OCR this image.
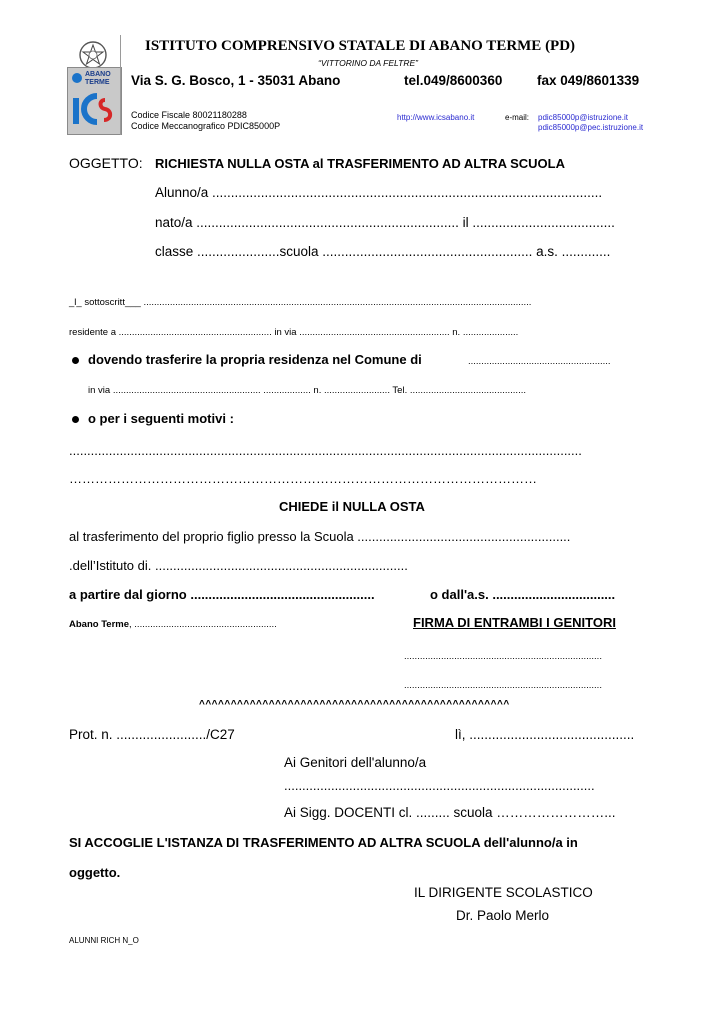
ABANO
TERME
ISTITUTO COMPRENSIVO STATALE DI ABANO TERME (PD)
“VITTORINO DA FELTRE”
Via S. G. Bosco, 1 - 35031 Abano	tel.049/8600360	fax 049/8601339
Codice Fiscale 80021180288
Codice Meccanografico PDIC85000P
http://www.icsabano.it	e-mail: pdic85000p@istruzione.it
pdic85000p@pec.istruzione.it
OGGETTO: RICHIESTA NULLA OSTA al TRASFERIMENTO AD ALTRA SCUOLA
Alunno/a ........................................................................................................
nato/a ...................................................................... il ......................................
classe ......................scuola ........................................................ a.s. .............
_l_ sottoscritt___ ...................................................................................................................................................
residente a .......................................................... in via ......................................................... n. .....................
dovendo trasferire la propria residenza nel Comune di	......................................................
in via ........................................................ .................. n. ......................... Tel. ............................................
o per i seguenti motivi :
..............................................................................................................................................
………………………………………………………………………………………………
CHIEDE il NULLA OSTA
al trasferimento del proprio figlio presso la Scuola ...........................................................
.dell’Istituto di. ......................................................................
a partire dal giorno ...................................................	o dall'a.s. ..................................
Abano Terme, ......................................................	FIRMA DI ENTRAMBI I GENITORI
...........................................................................
...........................................................................
^^^^^^^^^^^^^^^^^^^^^^^^^^^^^^^^^^^^^^^^^^^^^^^^^
Prot. n. ......................../C27	lì, ............................................
Ai Genitori dell'alunno/a
......................................................................................
Ai Sigg. DOCENTI cl. ......... scuola ……………………...
SI ACCOGLIE L'ISTANZA DI TRASFERIMENTO AD ALTRA SCUOLA dell'alunno/a in
oggetto.
IL DIRIGENTE SCOLASTICO
Dr. Paolo Merlo
ALUNNI RICH N_O
